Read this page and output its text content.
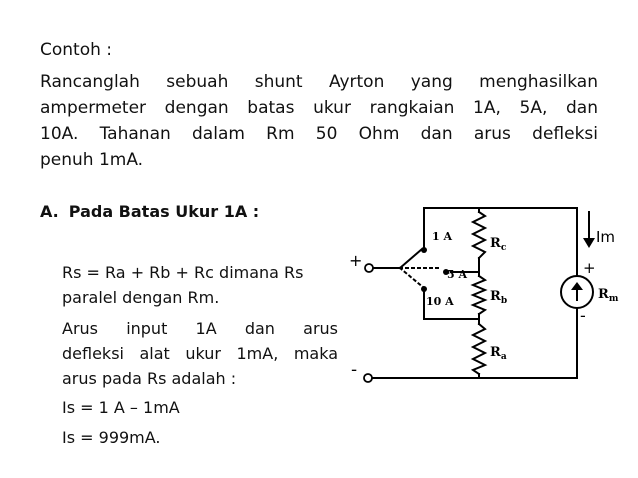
Contoh :
Rancanglah sebuah shunt Ayrton yang menghasilkan
ampermeter dengan batas ukur rangkaian 1A, 5A, dan
10A. Tahanan dalam Rm 50 Ohm dan arus defleksi
penuh 1mA.
A. Pada Batas Ukur 1A :
Rs = Ra + Rb + Rc dimana Rs
paralel dengan Rm.
Arus input 1A dan arus
defleksi alat ukur 1mA, maka
arus pada Rs adalah :
Is = 1 A – 1mA
Is = 999mA.
1 A
5 A
10 A
$R_c$
$R_b$
$R_a$
$R_m$
+
-
Im
+
-
